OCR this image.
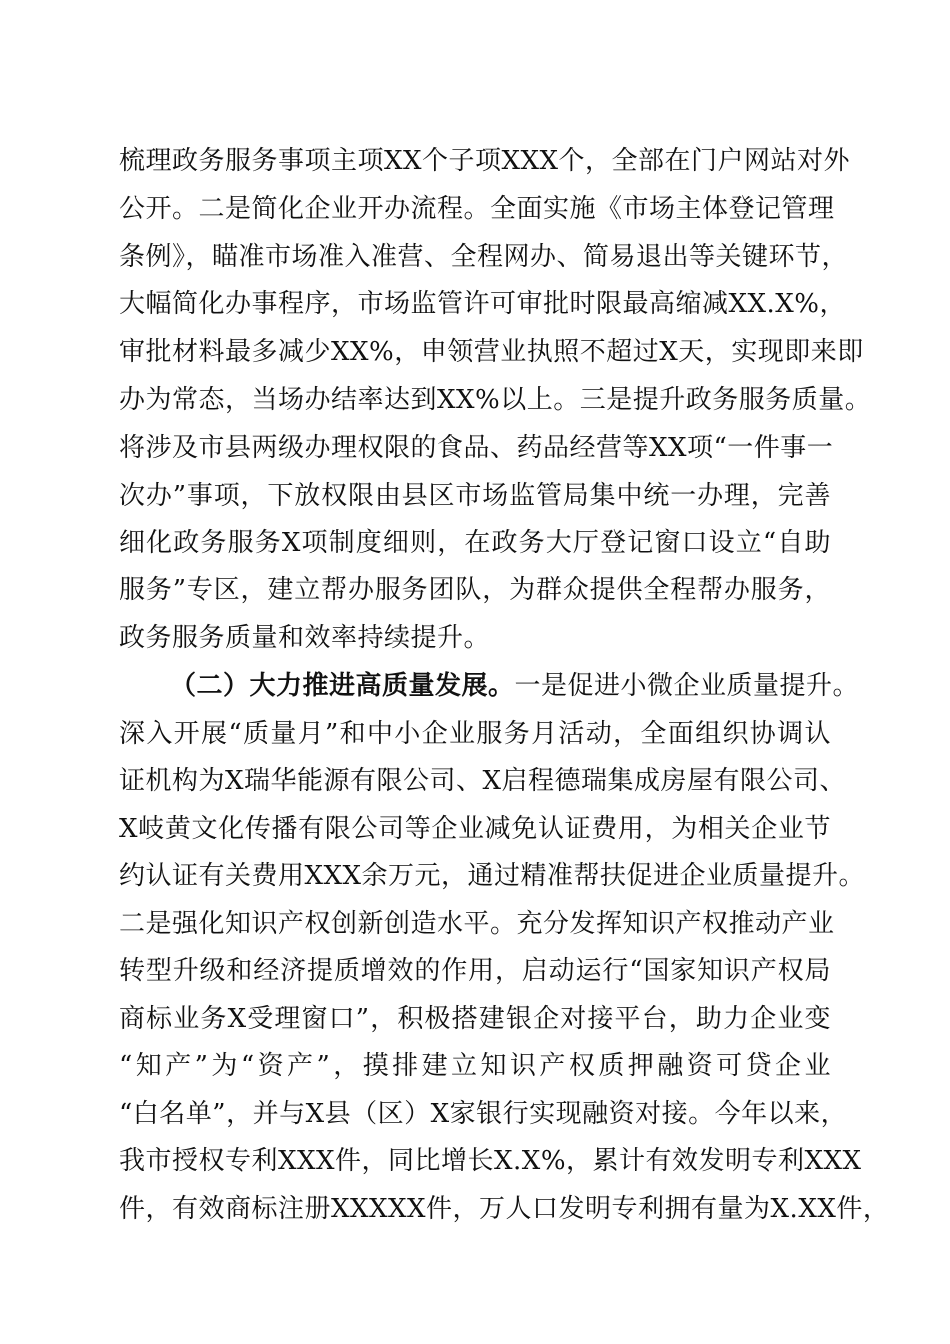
梳理政务服务事项主项XX个子项XXX个，全部在门户网站对外
公开。二是简化企业开办流程。全面实施《市场主体登记管理
条例》，瞄准市场准入准营、全程网办、简易退出等关键环节，
大幅简化办事程序，市场监管许可审批时限最高缩减XX.X%，
审批材料最多减少XX%，申领营业执照不超过X天，实现即来即
办为常态，当场办结率达到XX%以上。三是提升政务服务质量。
将涉及市县两级办理权限的食品、药品经营等XX项“一件事一
次办”事项，下放权限由县区市场监管局集中统一办理，完善
细化政务服务X项制度细则，在政务大厅登记窗口设立“自助
服务”专区，建立帮办服务团队，为群众提供全程帮办服务，
政务服务质量和效率持续提升。
（二）大力推进高质量发展。一是促进小微企业质量提升。
深入开展“质量月”和中小企业服务月活动，全面组织协调认
证机构为X瑞华能源有限公司、X启程德瑞集成房屋有限公司、
X岐黄文化传播有限公司等企业减免认证费用，为相关企业节
约认证有关费用XXX余万元，通过精准帮扶促进企业质量提升。
二是强化知识产权创新创造水平。充分发挥知识产权推动产业
转型升级和经济提质增效的作用，启动运行“国家知识产权局
商标业务X受理窗口”，积极搭建银企对接平台，助力企业变
“知产”为“资产”，摸排建立知识产权质押融资可贷企业
“白名单”，并与X县（区）X家银行实现融资对接。今年以来，
我市授权专利XXX件，同比增长X.X%，累计有效发明专利XXX
件，有效商标注册XXXXX件，万人口发明专利拥有量为X.XX件，
